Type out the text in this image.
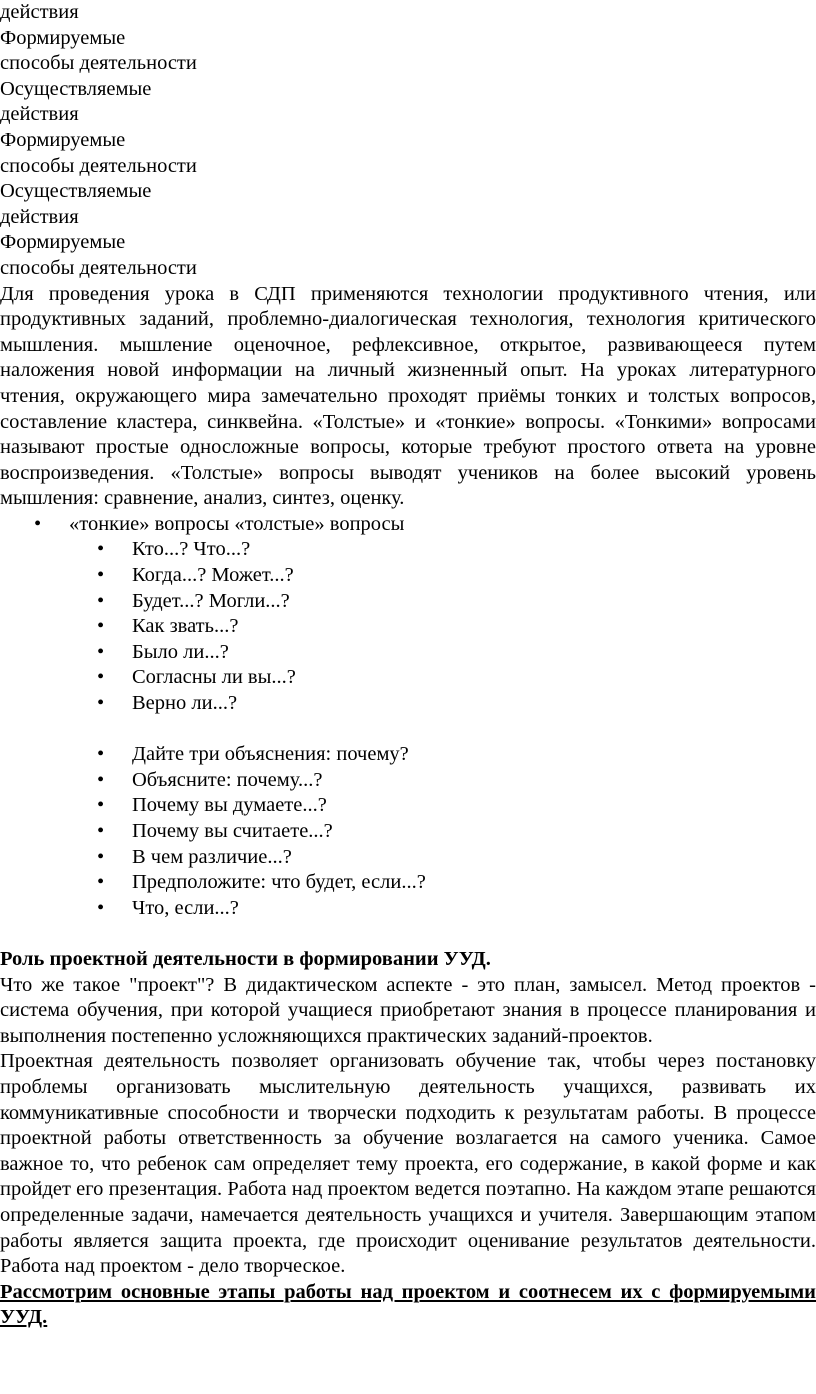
действия
Формируемые
способы деятельности
Осуществляемые
действия
Формируемые
способы деятельности
Осуществляемые
действия
Формируемые
способы деятельности

Для проведения урока в СДП применяются технологии продуктивного чтения, или продуктивных заданий, проблемно-диалогическая технология, технология критического мышления. мышление оценочное, рефлексивное, открытое, развивающееся путем наложения новой информации на личный жизненный опыт. На уроках литературного чтения, окружающего мира замечательно проходят приёмы тонких и толстых вопросов, составление кластера, синквейна. «Толстые» и «тонкие» вопросы. «Тонкими» вопросами называют простые односложные вопросы, которые требуют простого ответа на уровне воспроизведения. «Толстые» вопросы выводят учеников на более высокий уровень мышления: сравнение, анализ, синтез, оценку.

• «тонкие» вопросы «толстые» вопросы
• Кто...? Что...?
• Когда...? Может...?
• Будет...? Могли...?
• Как звать...?
• Было ли...?
• Согласны ли вы...?
• Верно ли...?
• Дайте три объяснения: почему?
• Объясните: почему...?
• Почему вы думаете...?
• Почему вы считаете...?
• В чем различие...?
• Предположите: что будет, если...?
• Что, если...?

Роль проектной деятельности в формировании УУД.

Что же такое "проект"? В дидактическом аспекте - это план, замысел. Метод проектов - система обучения, при которой учащиеся приобретают знания в процессе планирования и выполнения постепенно усложняющихся практических заданий-проектов.

Проектная деятельность позволяет организовать обучение так, чтобы через постановку проблемы организовать мыслительную деятельность учащихся, развивать их коммуникативные способности и творчески подходить к результатам работы. В процессе проектной работы ответственность за обучение возлагается на самого ученика. Самое важное то, что ребенок сам определяет тему проекта, его содержание, в какой форме и как пройдет его презентация. Работа над проектом ведется поэтапно. На каждом этапе решаются определенные задачи, намечается деятельность учащихся и учителя. Завершающим этапом работы является защита проекта, где происходит оценивание результатов деятельности. Работа над проектом - дело творческое.

Рассмотрим основные этапы работы над проектом и соотнесем их с формируемыми УУД.
